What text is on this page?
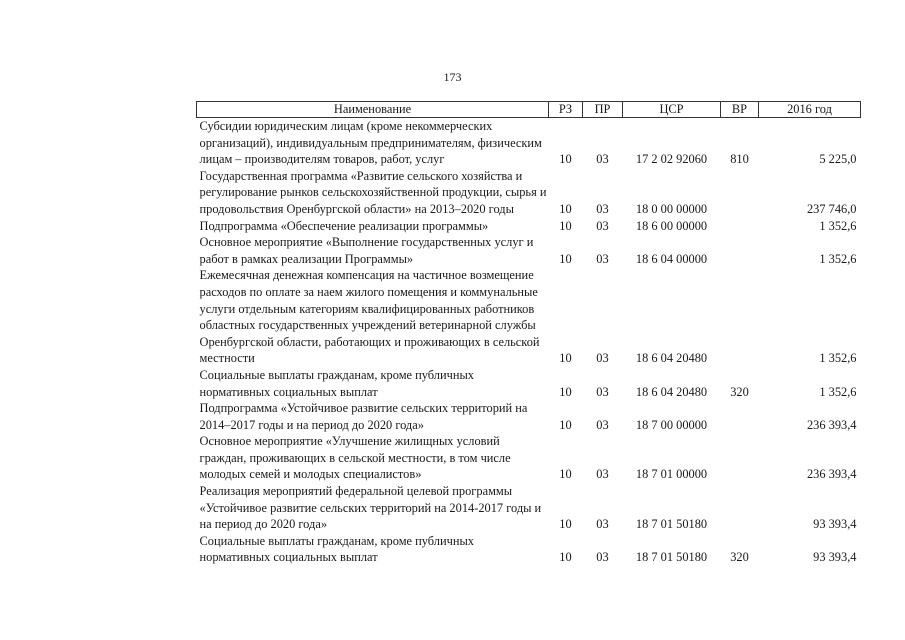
173
Наименование	РЗ	ПР	ЦСР	ВР	2016 год
Субсидии юридическим лицам (кроме некоммерческих организаций), индивидуальным предпринимателям, физическим лицам – производителям товаров, работ, услуг	10	03	17 2 02 92060	810	5 225,0
Государственная программа «Развитие сельского хозяйства и регулирование рынков сельскохозяйственной продукции, сырья и продовольствия Оренбургской области» на 2013–2020 годы	10	03	18 0 00 00000		237 746,0
Подпрограмма «Обеспечение реализации программы»	10	03	18 6 00 00000		1 352,6
Основное мероприятие «Выполнение государственных услуг и работ в рамках реализации Программы»	10	03	18 6 04 00000		1 352,6
Ежемесячная денежная компенсация на частичное возмещение расходов по оплате за наем жилого помещения и коммунальные услуги отдельным категориям квалифицированных работников областных государственных учреждений ветеринарной службы Оренбургской области, работающих и проживающих в сельской местности	10	03	18 6 04 20480		1 352,6
Социальные выплаты гражданам, кроме публичных нормативных социальных выплат	10	03	18 6 04 20480	320	1 352,6
Подпрограмма «Устойчивое развитие сельских территорий на 2014–2017 годы и на период до 2020 года»	10	03	18 7 00 00000		236 393,4
Основное мероприятие «Улучшение жилищных условий граждан, проживающих в сельской местности, в том числе молодых семей и молодых специалистов»	10	03	18 7 01 00000		236 393,4
Реализация мероприятий федеральной целевой программы «Устойчивое развитие сельских территорий на 2014-2017 годы и на период до 2020 года»	10	03	18 7 01 50180		93 393,4
Социальные выплаты гражданам, кроме публичных нормативных социальных выплат	10	03	18 7 01 50180	320	93 393,4
